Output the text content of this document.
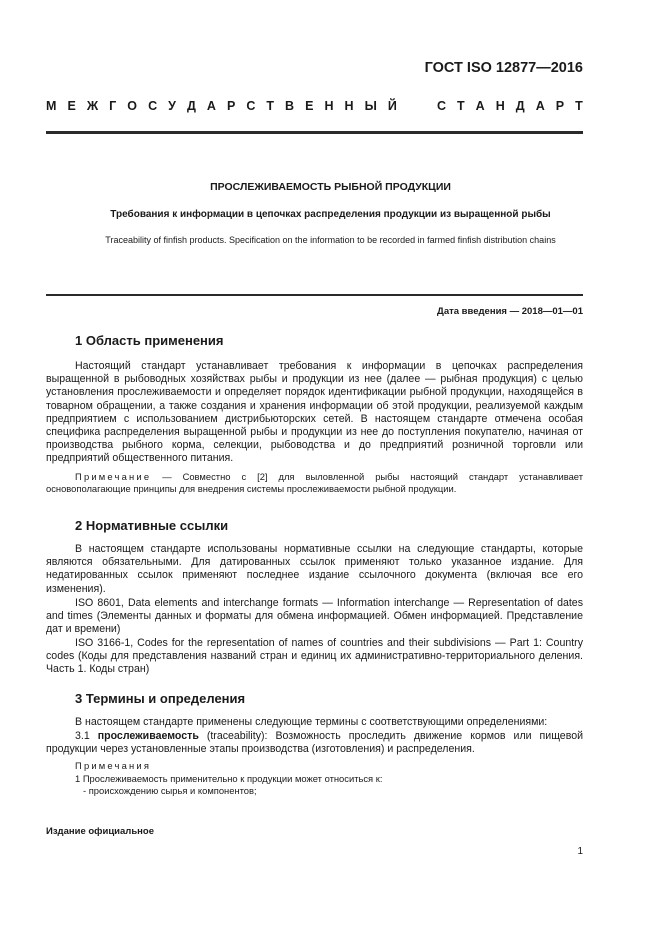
ГОСТ ISO 12877—2016
М Е Ж Г О С У Д А Р С Т В Е Н Н Ы Й

	С Т А Н Д А Р Т
ПРОСЛЕЖИВАЕМОСТЬ РЫБНОЙ ПРОДУКЦИИ
Требования к информации в цепочках распределения продукции из выращенной рыбы
Traceability of finfish products. Specification on the information to be recorded in farmed finfish distribution chains
Дата введения — 2018—01—01
1 Область применения
Настоящий стандарт устанавливает требования к информации в цепочках распределения выращенной в рыбоводных хозяйствах рыбы и продукции из нее (далее — рыбная продукция) с целью установления прослеживаемости и определяет порядок идентификации рыбной продукции, находящейся в товарном обращении, а также создания и хранения информации об этой продукции, реализуемой каждым предприятием с использованием дистрибьюторских сетей. В настоящем стандарте отмечена особая специфика распределения выращенной рыбы и продукции из нее до поступления покупателю, начиная от производства рыбного корма, селекции, рыбоводства и до предприятий розничной торговли или предприятий общественного питания.
Примечание — Совместно с [2] для выловленной рыбы настоящий стандарт устанавливает основополагающие принципы для внедрения системы прослеживаемости рыбной продукции.
2 Нормативные ссылки
В настоящем стандарте использованы нормативные ссылки на следующие стандарты, которые являются обязательными. Для датированных ссылок применяют только указанное издание. Для недатированных ссылок применяют последнее издание ссылочного документа (включая все его изменения).
ISO 8601, Data elements and interchange formats — Information interchange — Representation of dates and times (Элементы данных и форматы для обмена информацией. Обмен информацией. Представление дат и времени)
ISO 3166-1, Codes for the representation of names of countries and their subdivisions — Part 1: Country codes (Коды для представления названий стран и единиц их административно-территориального деления. Часть 1. Коды стран)
3 Термины и определения
В настоящем стандарте применены следующие термины с соответствующими определениями:
3.1 прослеживаемость (traceability): Возможность проследить движение кормов или пищевой продукции через установленные этапы производства (изготовления) и распределения.
Примечания
1 Прослеживаемость применительно к продукции может относиться к:
- происхождению сырья и компонентов;
Издание официальное
1
